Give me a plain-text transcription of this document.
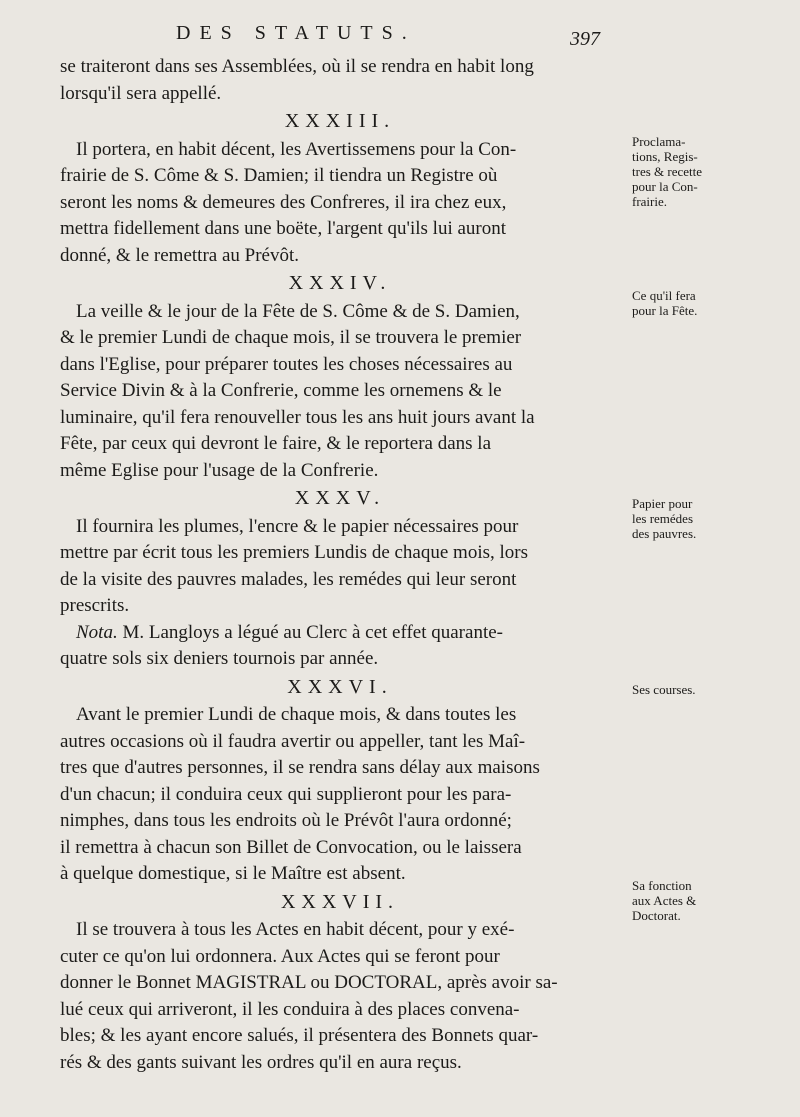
DES STATUTS.	397
se traiteront dans ses Assemblées, où il se rendra en habit long
lorsqu'il sera appellé.
XXXIII.
Il portera, en habit décent, les Avertissemens pour la Con-
frairie de S. Côme & S. Damien; il tiendra un Registre où
seront les noms & demeures des Confreres, il ira chez eux,
mettra fidellement dans une boëte, l'argent qu'ils lui auront
donné, & le remettra au Prévôt.
XXXIV.
La veille & le jour de la Fête de S. Côme & de S. Damien,
& le premier Lundi de chaque mois, il se trouvera le premier
dans l'Eglise, pour préparer toutes les choses nécessaires au
Service Divin & à la Confrerie, comme les ornemens & le
luminaire, qu'il fera renouveller tous les ans huit jours avant la
Fête, par ceux qui devront le faire, & le reportera dans la
même Eglise pour l'usage de la Confrerie.
XXXV.
Il fournira les plumes, l'encre & le papier nécessaires pour
mettre par écrit tous les premiers Lundis de chaque mois, lors
de la visite des pauvres malades, les remédes qui leur seront
prescrits.
Nota. M. Langloys a légué au Clerc à cet effet quarante-
quatre sols six deniers tournois par année.
XXXVI.
Avant le premier Lundi de chaque mois, & dans toutes les
autres occasions où il faudra avertir ou appeller, tant les Maî-
tres que d'autres personnes, il se rendra sans délay aux maisons
d'un chacun; il conduira ceux qui supplieront pour les para-
nimphes, dans tous les endroits où le Prévôt l'aura ordonné;
il remettra à chacun son Billet de Convocation, ou le laissera
à quelque domestique, si le Maître est absent.
XXXVII.
Il se trouvera à tous les Actes en habit décent, pour y exé-
cuter ce qu'on lui ordonnera. Aux Actes qui se feront pour
donner le Bonnet MAGISTRAL ou DOCTORAL, après avoir sa-
lué ceux qui arriveront, il les conduira à des places convena-
bles; & les ayant encore salués, il présentera des Bonnets quar-
rés & des gants suivant les ordres qu'il en aura reçus.
Proclama-
tions, Regis-
tres & recette
pour la Con-
frairie.
Ce qu'il fera
pour la Fête.
Papier pour
les remédes
des pauvres.
Ses courses.
Sa fonction
aux Actes &
Doctorat.
